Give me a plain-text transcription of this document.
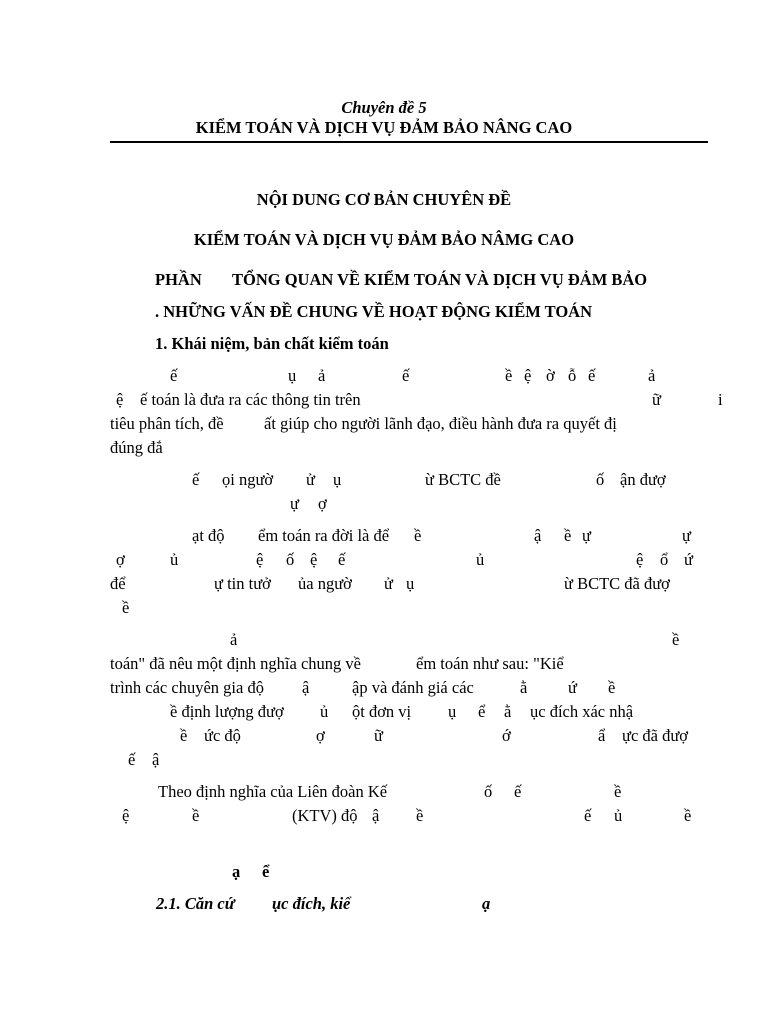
Chuyên đề 5
KIỂM TOÁN VÀ DỊCH VỤ ĐẢM BẢO NÂNG CAO
NỘI DUNG CƠ BẢN CHUYÊN ĐỀ
KIỂM TOÁN VÀ DỊCH VỤ ĐẢM BẢO NÂMG CAO
PHẦN TỔNG QUAN VỀ KIỂM TOÁN VÀ DỊCH VỤ ĐẢM BẢO
. NHỮNG VẤN ĐỀ CHUNG VỀ HOẠT ĐỘNG KIỂM TOÁN
1. Khái niệm, bản chất kiểm toán
ế	ụ ả	ế	ề ệ ờ ỗ ế	ả
ệ ế toán là đưa ra các thông tin trên	ữ	i
tiêu phân tích, đề ất giúp cho người lãnh đạo, điều hành đưa ra quyết đị
đúng đắ
ế ọi ngườ ử ụ	ừ BCTC đề	ố ận đượ
ự ợ
ạt độ ểm toán ra đời là để ề	ậ ề ự	ự
ợ	ủ	ệ ố ệ ế	ủ	ệ ổ ứ
để	ự tin tưở ủa ngườ ử ụ	ừ BCTC đã đượ
ề
ả	ề
toán" đã nêu một định nghĩa chung về	ểm toán như sau: "Kiể
trình các chuyên gia độ ậ	ập và đánh giá các	ằ ứ ề
ề định lượng đượ ủ ột đơn vị ụ ể ằ ục đích xác nhậ
ề ức độ	ợ	ữ	ớ	ẩ ực đã đượ
ế ậ
Theo định nghĩa của Liên đoàn Kế	ố ế	ề
ệ	ề	(KTV) độ ậ ề	ế ủ	ề
ạ ể
2.1. Căn cứ ục đích, kiể	ạ
